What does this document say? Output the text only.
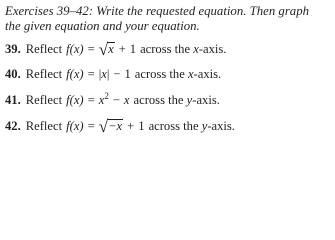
Exercises 39–42: Write the requested equation. Then graph
the given equation and your equation.
39. Reflect f(x) = √x + 1 across the x-axis.
40. Reflect f(x) = |x| − 1 across the x-axis.
41. Reflect $f(x) = x^2 - x$ across the y-axis.
42. Reflect f(x) = √−x + 1 across the y-axis.
